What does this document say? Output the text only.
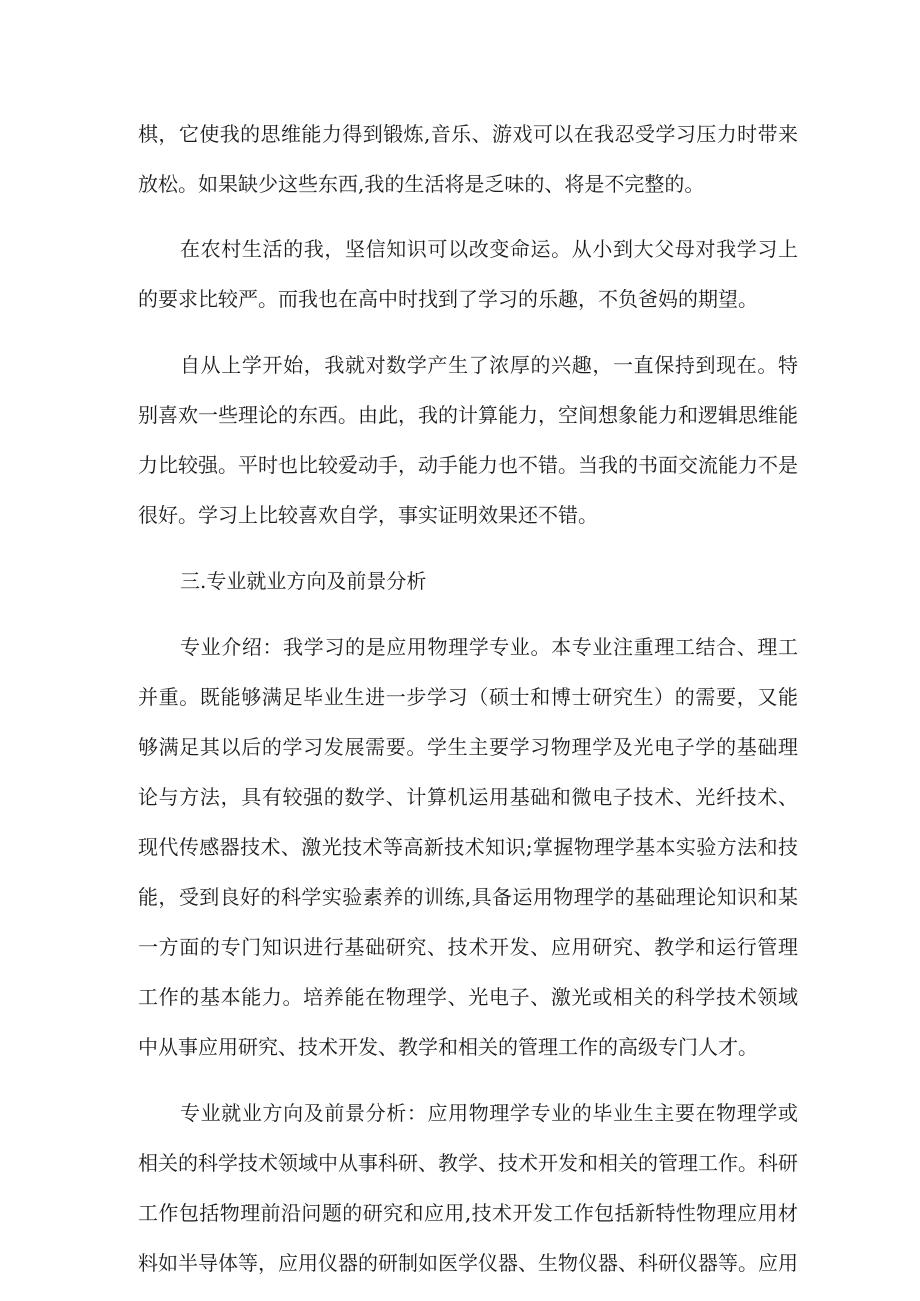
棋，它使我的思维能力得到锻炼,音乐、游戏可以在我忍受学习压力时带来
放松。如果缺少这些东西,我的生活将是乏味的、将是不完整的。
在农村生活的我，坚信知识可以改变命运。从小到大父母对我学习上
的要求比较严。而我也在高中时找到了学习的乐趣，不负爸妈的期望。
自从上学开始，我就对数学产生了浓厚的兴趣，一直保持到现在。特
别喜欢一些理论的东西。由此，我的计算能力，空间想象能力和逻辑思维能
力比较强。平时也比较爱动手，动手能力也不错。当我的书面交流能力不是
很好。学习上比较喜欢自学，事实证明效果还不错。
三.专业就业方向及前景分析
专业介绍：我学习的是应用物理学专业。本专业注重理工结合、理工
并重。既能够满足毕业生进一步学习（硕士和博士研究生）的需要，又能
够满足其以后的学习发展需要。学生主要学习物理学及光电子学的基础理
论与方法，具有较强的数学、计算机运用基础和微电子技术、光纤技术、
现代传感器技术、激光技术等高新技术知识;掌握物理学基本实验方法和技
能，受到良好的科学实验素养的训练,具备运用物理学的基础理论知识和某
一方面的专门知识进行基础研究、技术开发、应用研究、教学和运行管理
工作的基本能力。培养能在物理学、光电子、激光或相关的科学技术领域
中从事应用研究、技术开发、教学和相关的管理工作的高级专门人才。
专业就业方向及前景分析：应用物理学专业的毕业生主要在物理学或
相关的科学技术领域中从事科研、教学、技术开发和相关的管理工作。科研
工作包括物理前沿问题的研究和应用,技术开发工作包括新特性物理应用材
料如半导体等，应用仪器的研制如医学仪器、生物仪器、科研仪器等。应用
